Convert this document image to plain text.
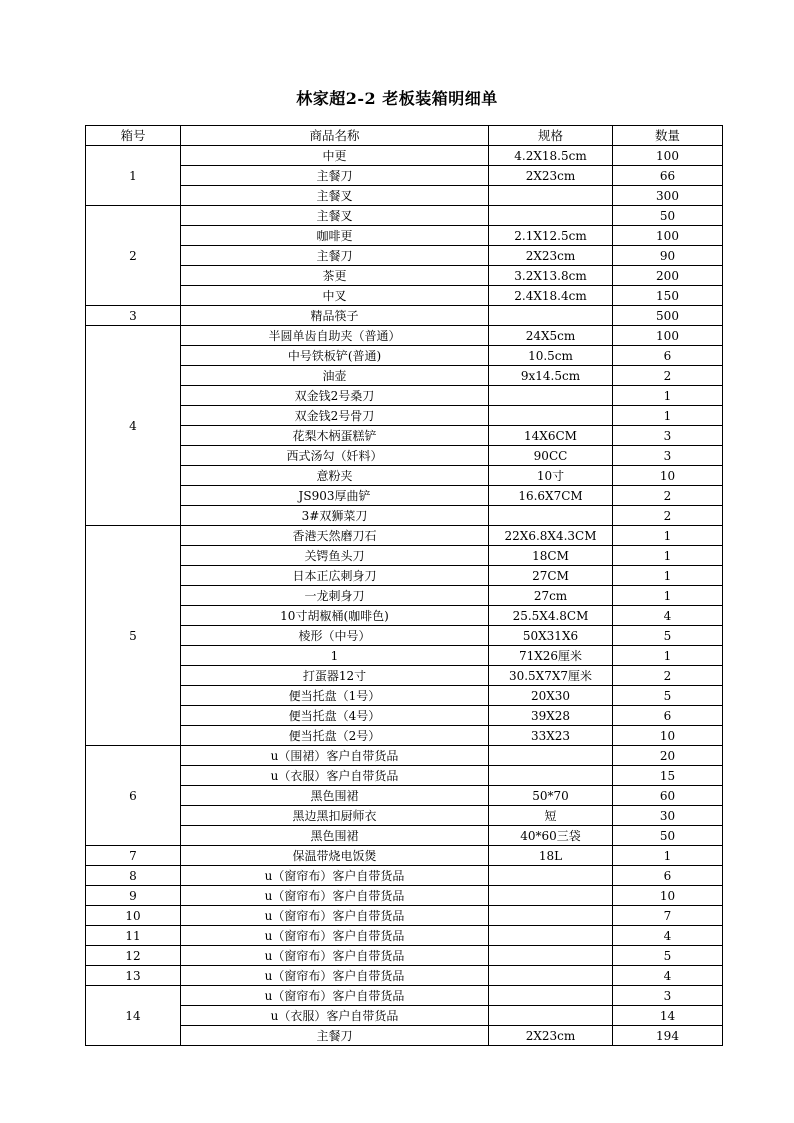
林家超2-2 老板装箱明细单
箱号	商品名称	规格	数量
1	中更	4.2X18.5cm	100
	主餐刀	2X23cm	66
	主餐叉		300
2	主餐叉		50
	咖啡更	2.1X12.5cm	100
	主餐刀	2X23cm	90
	茶更	3.2X13.8cm	200
	中叉	2.4X18.4cm	150
3	精品筷子		500
4	半圆单齿自助夹（普通）	24X5cm	100
	中号铁板铲(普通)	10.5cm	6
	油壶	9x14.5cm	2
	双金钱2号桑刀		1
	双金钱2号骨刀		1
	花梨木柄蛋糕铲	14X6CM	3
	西式汤勾（奷料）	90CC	3
	意粉夹	10寸	10
	JS903厚曲铲	16.6X7CM	2
	3#双狮菜刀		2
5	香港天然磨刀石	22X6.8X4.3CM	1
	关锷鱼头刀	18CM	1
	日本正広刺身刀	27CM	1
	一龙刺身刀	27cm	1
	10寸胡椒桶(咖啡色)	25.5X4.8CM	4
	棱形（中号）	50X31X6	5
	1	71X26厘米	1
	打蛋器12寸	30.5X7X7厘米	2
	便当托盘（1号）	20X30	5
	便当托盘（4号）	39X28	6
	便当托盘（2号）	33X23	10
6	u（围裙）客户自带货品		20
	u（衣服）客户自带货品		15
	黑色围裙	50*70	60
	黑边黑扣厨师衣	短	30
	黑色围裙	40*60三袋	50
7	保温带烧电饭煲	18L	1
8	u（窗帘布）客户自带货品		6
9	u（窗帘布）客户自带货品		10
10	u（窗帘布）客户自带货品		7
11	u（窗帘布）客户自带货品		4
12	u（窗帘布）客户自带货品		5
13	u（窗帘布）客户自带货品		4
14	u（窗帘布）客户自带货品		3
	u（衣服）客户自带货品		14
	主餐刀	2X23cm	194
